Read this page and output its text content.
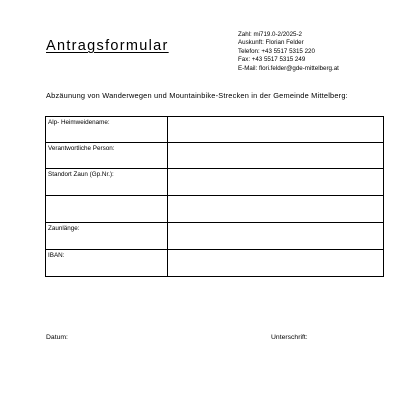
Antragsformular
Zahl: mi719.0-2/2025-2
Auskunft: Florian Felder
Telefon: +43 5517 5315 220
Fax: +43 5517 5315 249
E-Mail: flori.felder@gde-mittelberg.at
Abzäunung von Wanderwegen und Mountainbike-Strecken in der Gemeinde Mittelberg:
Alp- Heimweidename:	
Verantwortliche Person:	
Standort Zaun (Gp.Nr.):	

Zaunlänge:	
IBAN:	
Datum:	Unterschrift:
